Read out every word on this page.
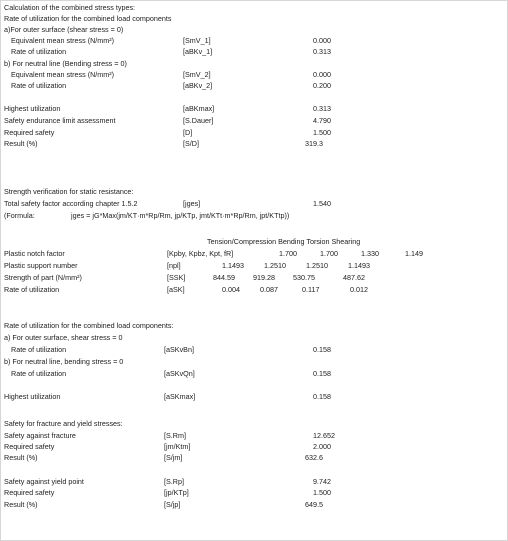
Calculation of the combined stress types:
Rate of utilization for the combined load components
a)For outer surface (shear stress = 0)
Equivalent mean stress (N/mm²)	[SmV_1]	0.000
Rate of utilization	[aBKv_1]	0.313
b) For neutral line (Bending stress = 0)
Equivalent mean stress (N/mm²)	[SmV_2]	0.000
Rate of utilization	[aBKv_2]	0.200
Highest utilization	[aBKmax]	0.313
Safety endurance limit assessment	[S.Dauer]	4.790
Required safety	[D]	1.500
Result (%)	[S/D]	319.3
Strength verification for static resistance:
Total safety factor according chapter 1.5.2	[jges]	1.540
(Formula:	jges = jG*Max(jm/KT·m*Rp/Rm, jp/KTp, jmt/KTt·m*Rp/Rm, jpt/KTtp))
Tension/Compression Bending Torsion Shearing
Plastic notch factor	[Kpby, Kpbz, Kpt, fR]	1.700	1.700	1.330	1.149
Plastic support number	[npl]	1.1493	1.2510	1.2510	1.1493
Strength of part (N/mm²)	[SSK]	844.59	919.28	530.75	487.62
Rate of utilization	[aSK]	0.004	0.087	0.117	0.012
Rate of utilization for the combined load components:
a) For outer surface, shear stress = 0
Rate of utilization	[aSKvBn]	0.158
b) For neutral line, bending stress = 0
Rate of utilization	[aSKvQn]	0.158
Highest utilization	[aSKmax]	0.158
Safety for fracture and yield stresses:
Safety against fracture	[S.Rm]	12.652
Required safety	[jm/Ktm]	2.000
Result (%)	[S/jm]	632.6
Safety against yield point	[S.Rp]	9.742
Required safety	[jp/KTp]	1.500
Result (%)	[S/jp]	649.5
